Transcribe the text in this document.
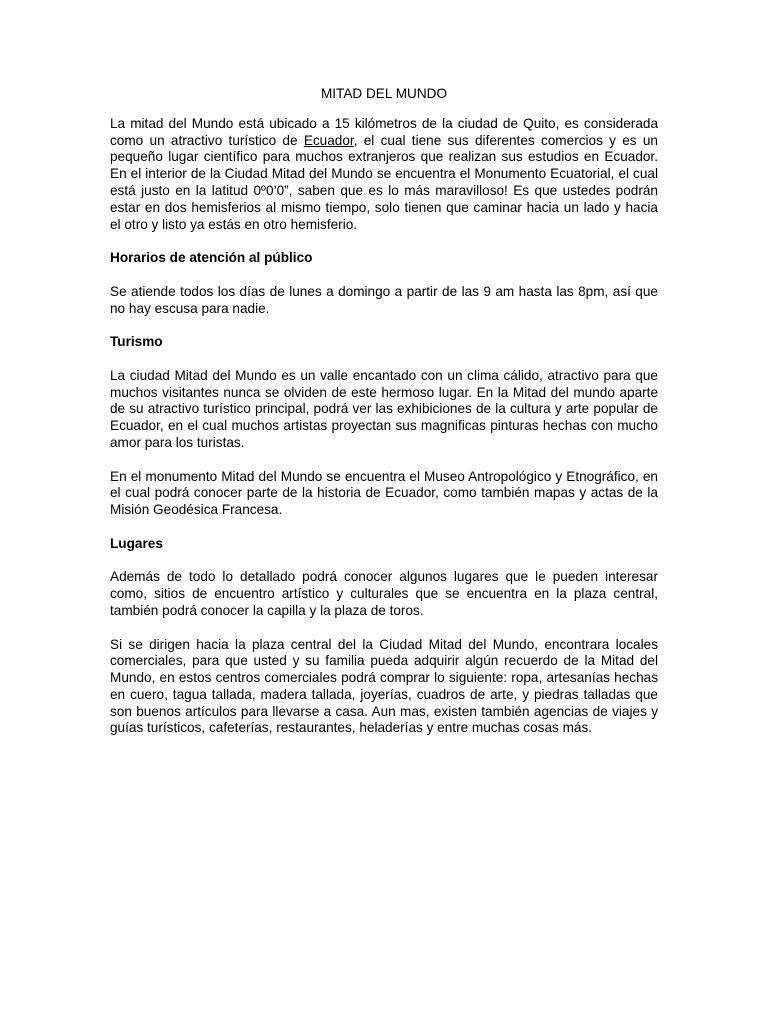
MITAD DEL MUNDO

La mitad del Mundo está ubicado a 15 kilómetros de la ciudad de Quito, es considerada como un atractivo turístico de Ecuador, el cual tiene sus diferentes comercios y es un pequeño lugar científico para muchos extranjeros que realizan sus estudios en Ecuador. En el interior de la Ciudad Mitad del Mundo se encuentra el Monumento Ecuatorial, el cual está justo en la latitud 0º0’0”, saben que es lo más maravilloso! Es que ustedes podrán estar en dos hemisferios al mismo tiempo, solo tienen que caminar hacia un lado y hacia el otro y listo ya estás en otro hemisferio.

Horarios de atención al público

Se atiende todos los días de lunes a domingo a partir de las 9 am hasta las 8pm, así que no hay escusa para nadie.

Turismo

La ciudad Mitad del Mundo es un valle encantado con un clima cálido, atractivo para que muchos visitantes nunca se olviden de este hermoso lugar. En la Mitad del mundo aparte de su atractivo turístico principal, podrá ver las exhibiciones de la cultura y arte popular de Ecuador, en el cual muchos artistas proyectan sus magnificas pinturas hechas con mucho amor para los turistas.

En el monumento Mitad del Mundo se encuentra el Museo Antropológico y Etnográfico, en el cual podrá conocer parte de la historia de Ecuador, como también mapas y actas de la Misión Geodésica Francesa.

Lugares

Además de todo lo detallado podrá conocer algunos lugares que le pueden interesar como, sitios de encuentro artístico y culturales que se encuentra en la plaza central, también podrá conocer la capilla y la plaza de toros.

Si se dirigen hacia la plaza central del la Ciudad Mitad del Mundo, encontrara locales comerciales, para que usted y su familia pueda adquirir algún recuerdo de la Mitad del Mundo, en estos centros comerciales podrá comprar lo siguiente: ropa, artesanías hechas en cuero, tagua tallada, madera tallada, joyerías, cuadros de arte, y piedras talladas que son buenos artículos para llevarse a casa. Aun mas, existen también agencias de viajes y guías turísticos, cafeterías, restaurantes, heladerías y entre muchas cosas más.
